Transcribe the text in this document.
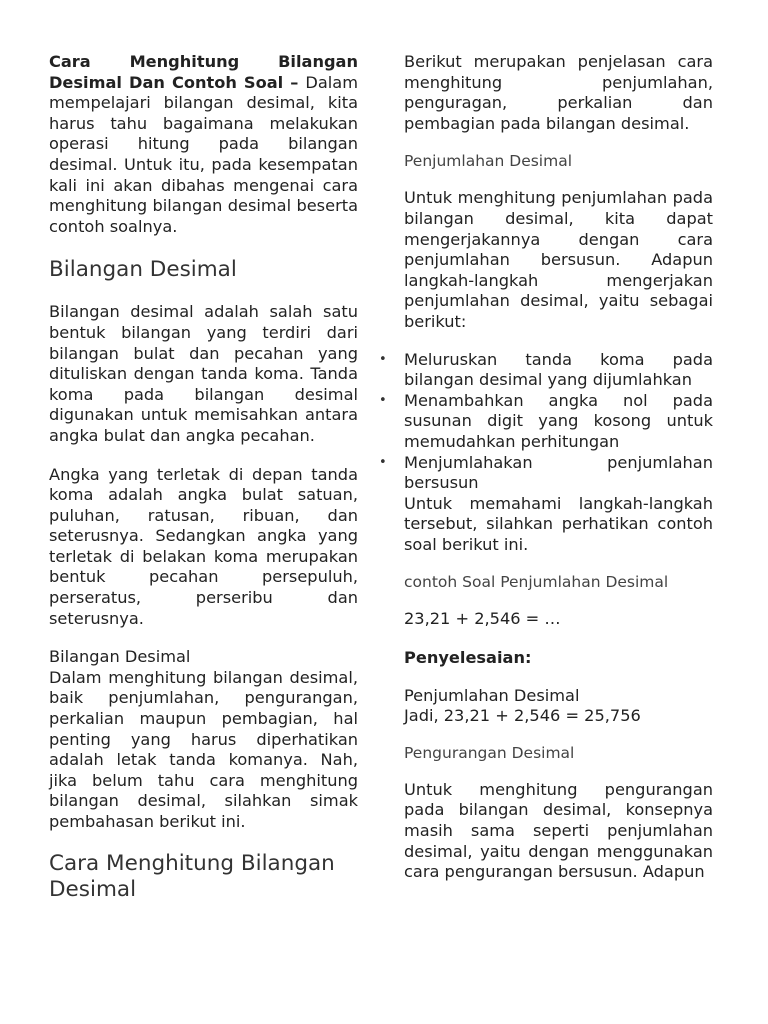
Cara Menghitung Bilangan Desimal Dan Contoh Soal – Dalam mempelajari bilangan desimal, kita harus tahu bagaimana melakukan operasi hitung pada bilangan desimal. Untuk itu, pada kesempatan kali ini akan dibahas mengenai cara menghitung bilangan desimal beserta contoh soalnya.

Bilangan Desimal

Bilangan desimal adalah salah satu bentuk bilangan yang terdiri dari bilangan bulat dan pecahan yang dituliskan dengan tanda koma. Tanda koma pada bilangan desimal digunakan untuk memisahkan antara angka bulat dan angka pecahan.

Angka yang terletak di depan tanda koma adalah angka bulat satuan, puluhan, ratusan, ribuan, dan seterusnya. Sedangkan angka yang terletak di belakan koma merupakan bentuk pecahan persepuluh, perseratus, perseribu dan seterusnya.

Bilangan Desimal
Dalam menghitung bilangan desimal, baik penjumlahan, pengurangan, perkalian maupun pembagian, hal penting yang harus diperhatikan adalah letak tanda komanya. Nah, jika belum tahu cara menghitung bilangan desimal, silahkan simak pembahasan berikut ini.

Cara Menghitung Bilangan Desimal

Berikut merupakan penjelasan cara menghitung penjumlahan, penguragan, perkalian dan pembagian pada bilangan desimal.

Penjumlahan Desimal

Untuk menghitung penjumlahan pada bilangan desimal, kita dapat mengerjakannya dengan cara penjumlahan bersusun. Adapun langkah-langkah mengerjakan penjumlahan desimal, yaitu sebagai berikut:

• Meluruskan tanda koma pada bilangan desimal yang dijumlahkan
• Menambahkan angka nol pada susunan digit yang kosong untuk memudahkan perhitungan
• Menjumlahakan penjumlahan bersusun

Untuk memahami langkah-langkah tersebut, silahkan perhatikan contoh soal berikut ini.

contoh Soal Penjumlahan Desimal

23,21 + 2,546 = …

Penyelesaian:

Penjumlahan Desimal
Jadi, 23,21 + 2,546 = 25,756

Pengurangan Desimal

Untuk menghitung pengurangan pada bilangan desimal, konsepnya masih sama seperti penjumlahan desimal, yaitu dengan menggunakan cara pengurangan bersusun. Adapun
